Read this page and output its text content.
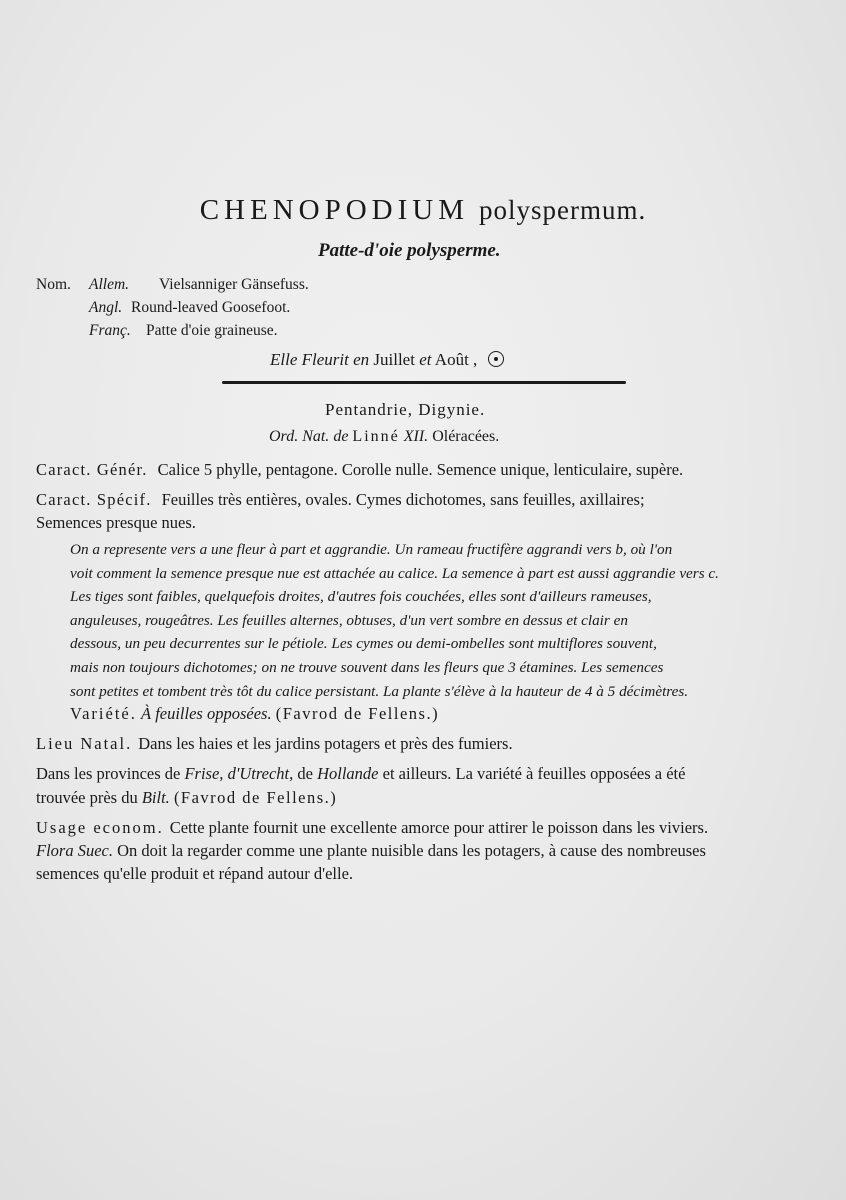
CHENOPODIUM polyspermum.
Patte-d'oie polysperme.
Nom. Allem. Vielsanniger Gänsefuss.
Angl. Round-leaved Goosefoot.
Franç. Patte d'oie graineuse.
Elle Fleurit en Juillet et Août ,
Pentandrie, Digynie.
Ord. Nat. de Linné XII. Oléracées.
Caract. Génér. Calice 5 phylle, pentagone. Corolle nulle. Semence unique, lenticulaire, supère.
Caract. Spécif. Feuilles très entières, ovales. Cymes dichotomes, sans feuilles, axillaires;
Semences presque nues.
On a represente vers a une fleur à part et aggrandie. Un rameau fructifère aggrandi vers b, où l'on
voit comment la semence presque nue est attachée au calice. La semence à part est aussi aggrandie vers c.
Les tiges sont faibles, quelquefois droites, d'autres fois couchées, elles sont d'ailleurs rameuses,
anguleuses, rougeâtres. Les feuilles alternes, obtuses, d'un vert sombre en dessus et clair en
dessous, un peu decurrentes sur le pétiole. Les cymes ou demi-ombelles sont multiflores souvent,
mais non toujours dichotomes; on ne trouve souvent dans les fleurs que 3 étamines. Les semences
sont petites et tombent très tôt du calice persistant. La plante s'élève à la hauteur de 4 à 5 décimètres.
Variété. À feuilles opposées. (Favrod de Fellens.)
Lieu Natal. Dans les haies et les jardins potagers et près des fumiers.
Dans les provinces de Frise, d'Utrecht, de Hollande et ailleurs. La variété à feuilles opposées a été
trouvée près du Bilt. (Favrod de Fellens.)
Usage econom. Cette plante fournit une excellente amorce pour attirer le poisson dans les viviers.
Flora Suec. On doit la regarder comme une plante nuisible dans les potagers, à cause des nombreuses
semences qu'elle produit et répand autour d'elle.
